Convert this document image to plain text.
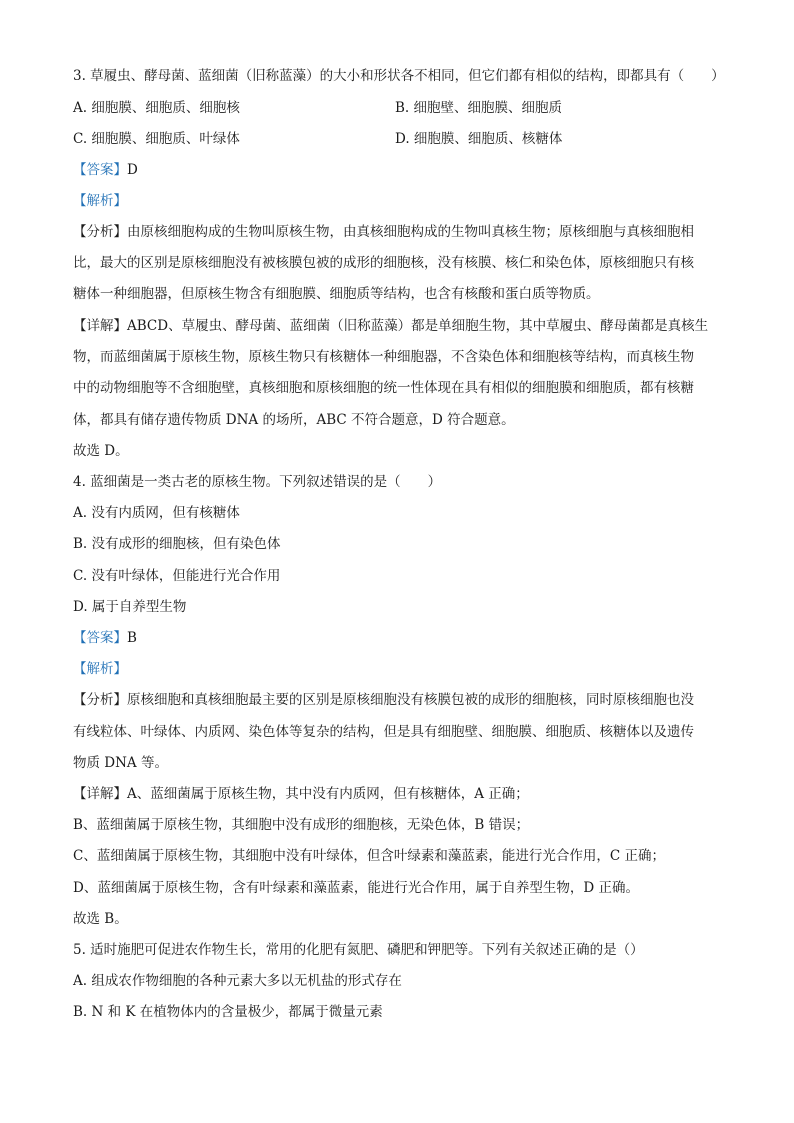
3. 草履虫、酵母菌、蓝细菌（旧称蓝藻）的大小和形状各不相同，但它们都有相似的结构，即都具有（　　）
A. 细胞膜、细胞质、细胞核	B. 细胞壁、细胞膜、细胞质
C. 细胞膜、细胞质、叶绿体	D. 细胞膜、细胞质、核糖体
【答案】D
【解析】
【分析】由原核细胞构成的生物叫原核生物，由真核细胞构成的生物叫真核生物；原核细胞与真核细胞相
比，最大的区别是原核细胞没有被核膜包被的成形的细胞核，没有核膜、核仁和染色体，原核细胞只有核
糖体一种细胞器，但原核生物含有细胞膜、细胞质等结构，也含有核酸和蛋白质等物质。
【详解】ABCD、草履虫、酵母菌、蓝细菌（旧称蓝藻）都是单细胞生物，其中草履虫、酵母菌都是真核生
物，而蓝细菌属于原核生物，原核生物只有核糖体一种细胞器，不含染色体和细胞核等结构，而真核生物
中的动物细胞等不含细胞壁，真核细胞和原核细胞的统一性体现在具有相似的细胞膜和细胞质，都有核糖
体，都具有储存遗传物质 DNA 的场所，ABC 不符合题意，D 符合题意。
故选 D。
4. 蓝细菌是一类古老的原核生物。下列叙述错误的是（　　）
A. 没有内质网，但有核糖体
B. 没有成形的细胞核，但有染色体
C. 没有叶绿体，但能进行光合作用
D. 属于自养型生物
【答案】B
【解析】
【分析】原核细胞和真核细胞最主要的区别是原核细胞没有核膜包被的成形的细胞核，同时原核细胞也没
有线粒体、叶绿体、内质网、染色体等复杂的结构，但是具有细胞壁、细胞膜、细胞质、核糖体以及遗传
物质 DNA 等。
【详解】A、蓝细菌属于原核生物，其中没有内质网，但有核糖体，A 正确；
B、蓝细菌属于原核生物，其细胞中没有成形的细胞核，无染色体，B 错误；
C、蓝细菌属于原核生物，其细胞中没有叶绿体，但含叶绿素和藻蓝素，能进行光合作用，C 正确；
D、蓝细菌属于原核生物，含有叶绿素和藻蓝素，能进行光合作用，属于自养型生物，D 正确。
故选 B。
5. 适时施肥可促进农作物生长，常用的化肥有氮肥、磷肥和钾肥等。下列有关叙述正确的是（）
A. 组成农作物细胞的各种元素大多以无机盐的形式存在
B. N 和 K 在植物体内的含量极少，都属于微量元素
